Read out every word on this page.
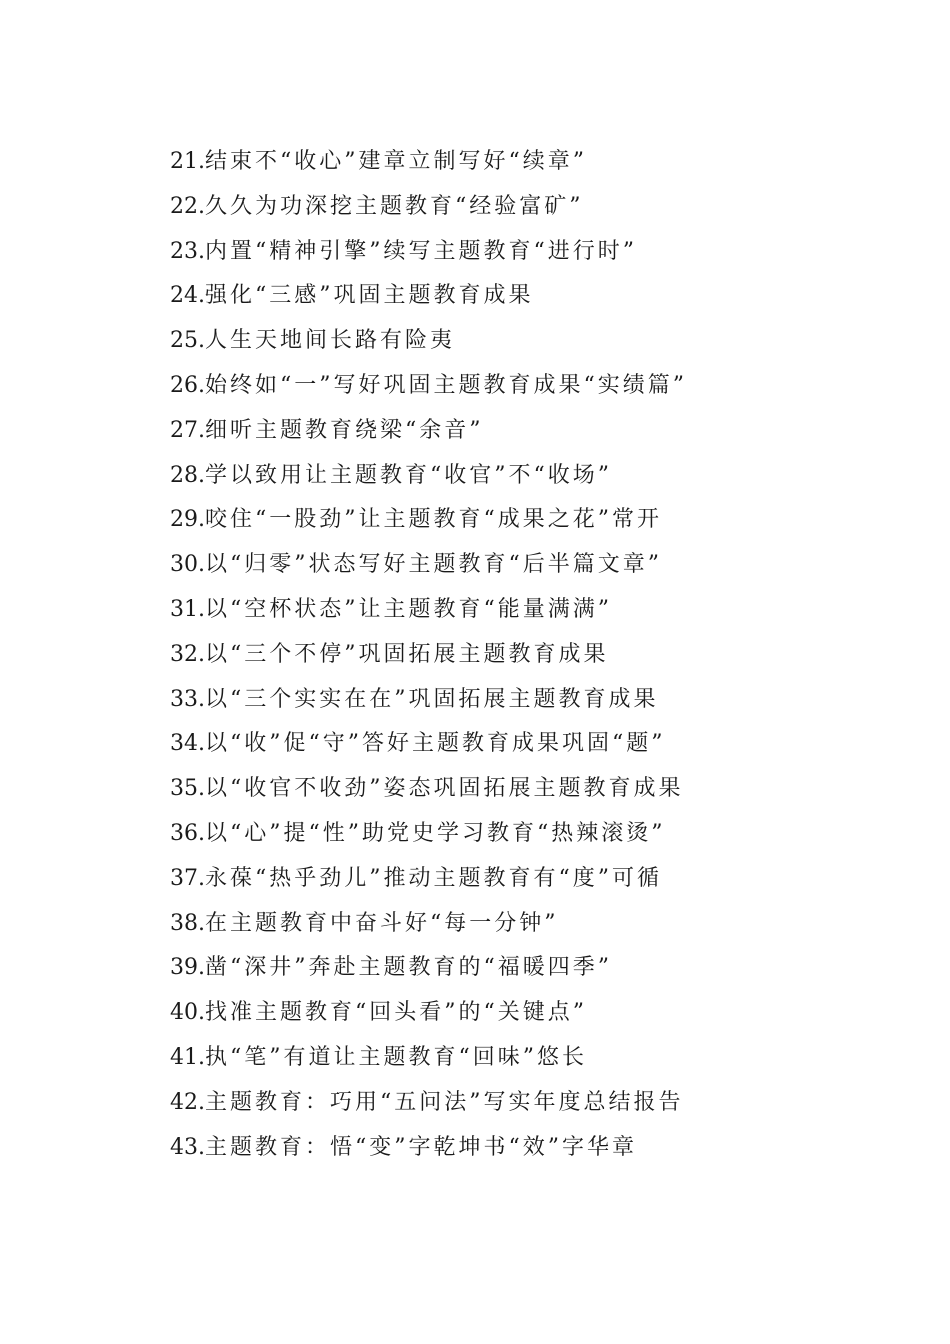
21.结束不“收心”建章立制写好“续章”
22.久久为功深挖主题教育“经验富矿”
23.内置“精神引擎”续写主题教育“进行时”
24.强化“三感”巩固主题教育成果
25.人生天地间长路有险夷
26.始终如“一”写好巩固主题教育成果“实绩篇”
27.细听主题教育绕梁“余音”
28.学以致用让主题教育“收官”不“收场”
29.咬住“一股劲”让主题教育“成果之花”常开
30.以“归零”状态写好主题教育“后半篇文章”
31.以“空杯状态”让主题教育“能量满满”
32.以“三个不停”巩固拓展主题教育成果
33.以“三个实实在在”巩固拓展主题教育成果
34.以“收”促“守”答好主题教育成果巩固“题”
35.以“收官不收劲”姿态巩固拓展主题教育成果
36.以“心”提“性”助党史学习教育“热辣滚烫”
37.永葆“热乎劲儿”推动主题教育有“度”可循
38.在主题教育中奋斗好“每一分钟”
39.凿“深井”奔赴主题教育的“福暖四季”
40.找准主题教育“回头看”的“关键点”
41.执“笔”有道让主题教育“回味”悠长
42.主题教育：巧用“五问法”写实年度总结报告
43.主题教育：悟“变”字乾坤书“效”字华章
